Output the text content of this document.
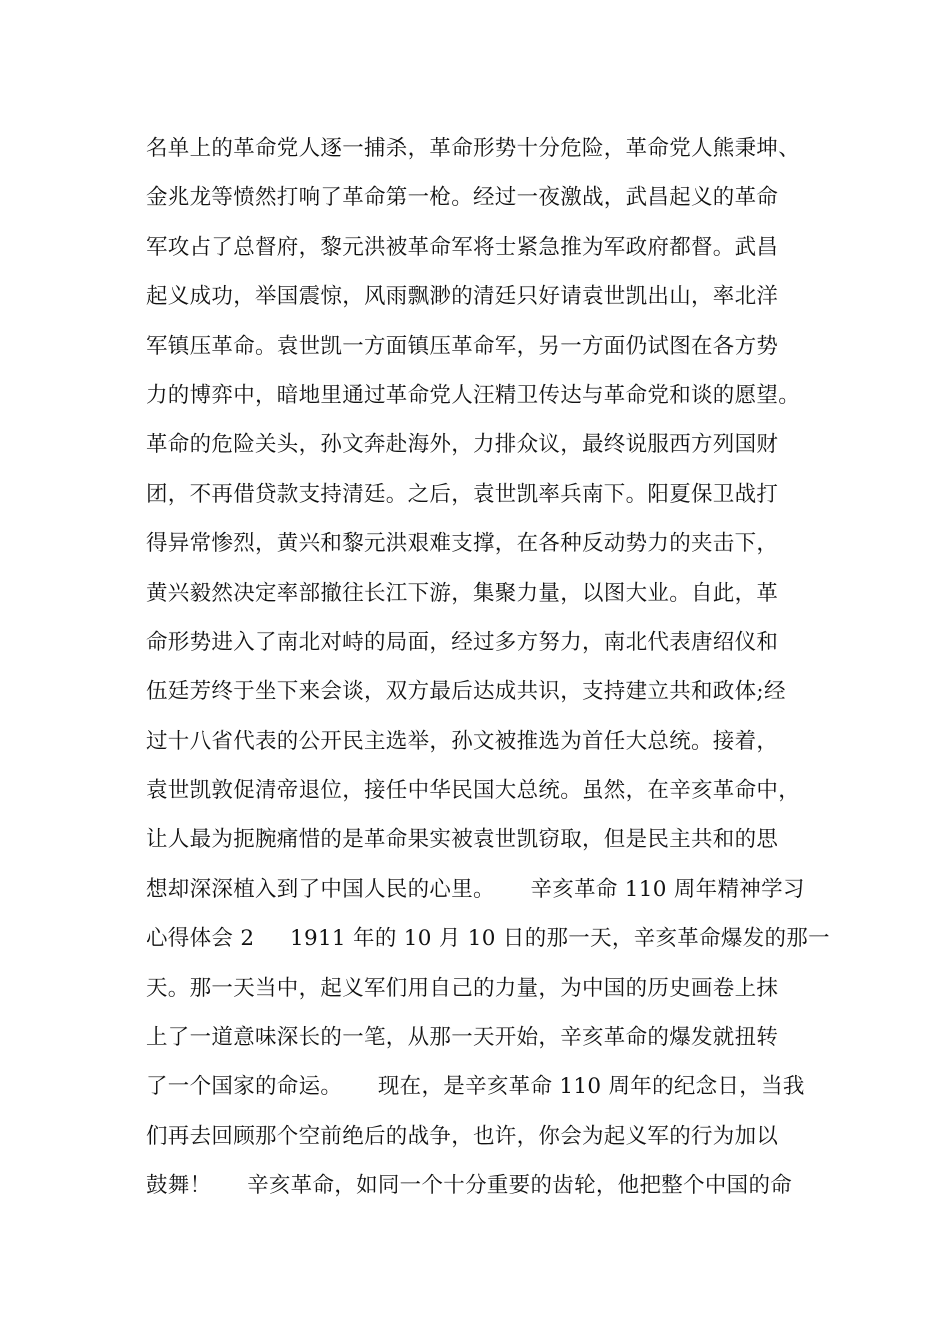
名单上的革命党人逐一捕杀，革命形势十分危险，革命党人熊秉坤、
金兆龙等愤然打响了革命第一枪。经过一夜激战，武昌起义的革命
军攻占了总督府，黎元洪被革命军将士紧急推为军政府都督。武昌
起义成功，举国震惊，风雨飘渺的清廷只好请袁世凯出山，率北洋
军镇压革命。袁世凯一方面镇压革命军，另一方面仍试图在各方势
力的博弈中，暗地里通过革命党人汪精卫传达与革命党和谈的愿望。
革命的危险关头，孙文奔赴海外，力排众议，最终说服西方列国财
团，不再借贷款支持清廷。之后，袁世凯率兵南下。阳夏保卫战打
得异常惨烈，黄兴和黎元洪艰难支撑，在各种反动势力的夹击下，
黄兴毅然决定率部撤往长江下游，集聚力量，以图大业。自此，革
命形势进入了南北对峙的局面，经过多方努力，南北代表唐绍仪和
伍廷芳终于坐下来会谈，双方最后达成共识，支持建立共和政体;经
过十八省代表的公开民主选举，孙文被推选为首任大总统。接着，
袁世凯敦促清帝退位，接任中华民国大总统。虽然，在辛亥革命中，
让人最为扼腕痛惜的是革命果实被袁世凯窃取，但是民主共和的思
想却深深植入到了中国人民的心里。     辛亥革命 110 周年精神学习
心得体会 2     1911 年的 10 月 10 日的那一天，辛亥革命爆发的那一
天。那一天当中，起义军们用自己的力量，为中国的历史画卷上抹
上了一道意味深长的一笔，从那一天开始，辛亥革命的爆发就扭转
了一个国家的命运。     现在，是辛亥革命 110 周年的纪念日，当我
们再去回顾那个空前绝后的战争，也许，你会为起义军的行为加以
鼓舞！     辛亥革命，如同一个十分重要的齿轮，他把整个中国的命
